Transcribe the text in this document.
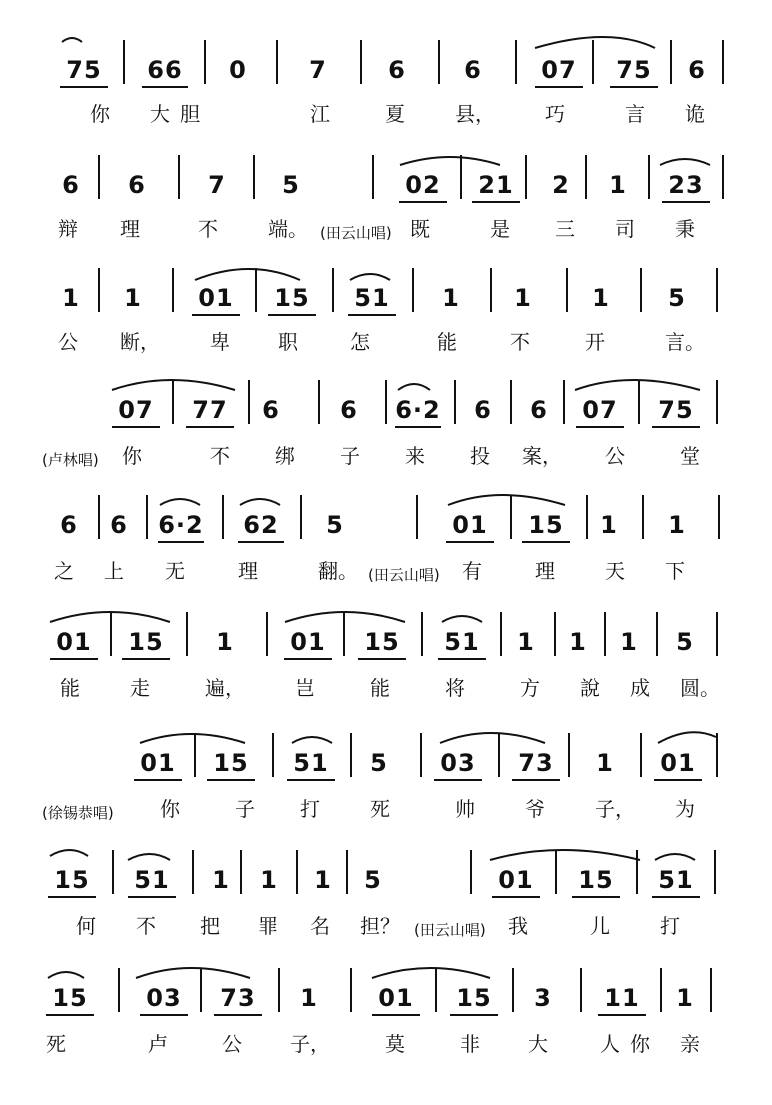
75	66	0	7	6 6	07	75	6
你 大 胆	江	夏	县，	巧	言 诡
6 6	7 5	02	21	2 1	23
辩 理	不	端。 (田云山唱) 既	是 三 司 秉
1 1	01	15	51	1 1	1 5
公 断，	卑 职	怎	能	不	开	言。
07	77	6	6 6·2 6 6	07	75
(卢林唱) 你	不 绑 子 来 投 案， 公	堂
6 6 6·2	62	5	01	15	1 1
之 上 无	理	翻。 (田云山唱) 有	理	天 下
01	15	1	01	15	51	1 1 1 5
能	走	遍，	岂	能	将	方 說 成 圆。
01	15	51	5	03	73	1	01
(徐锡恭唱) 你	子 打	死	帅	爷	子， 为
15	51	1 1 1 5	01	15	51
何 不 把 罪 名 担？ (田云山唱) 我	儿	打
15	03	73	1	01	15	3	11	1
死	卢	公 子，	莫	非 大	人 你 亲
